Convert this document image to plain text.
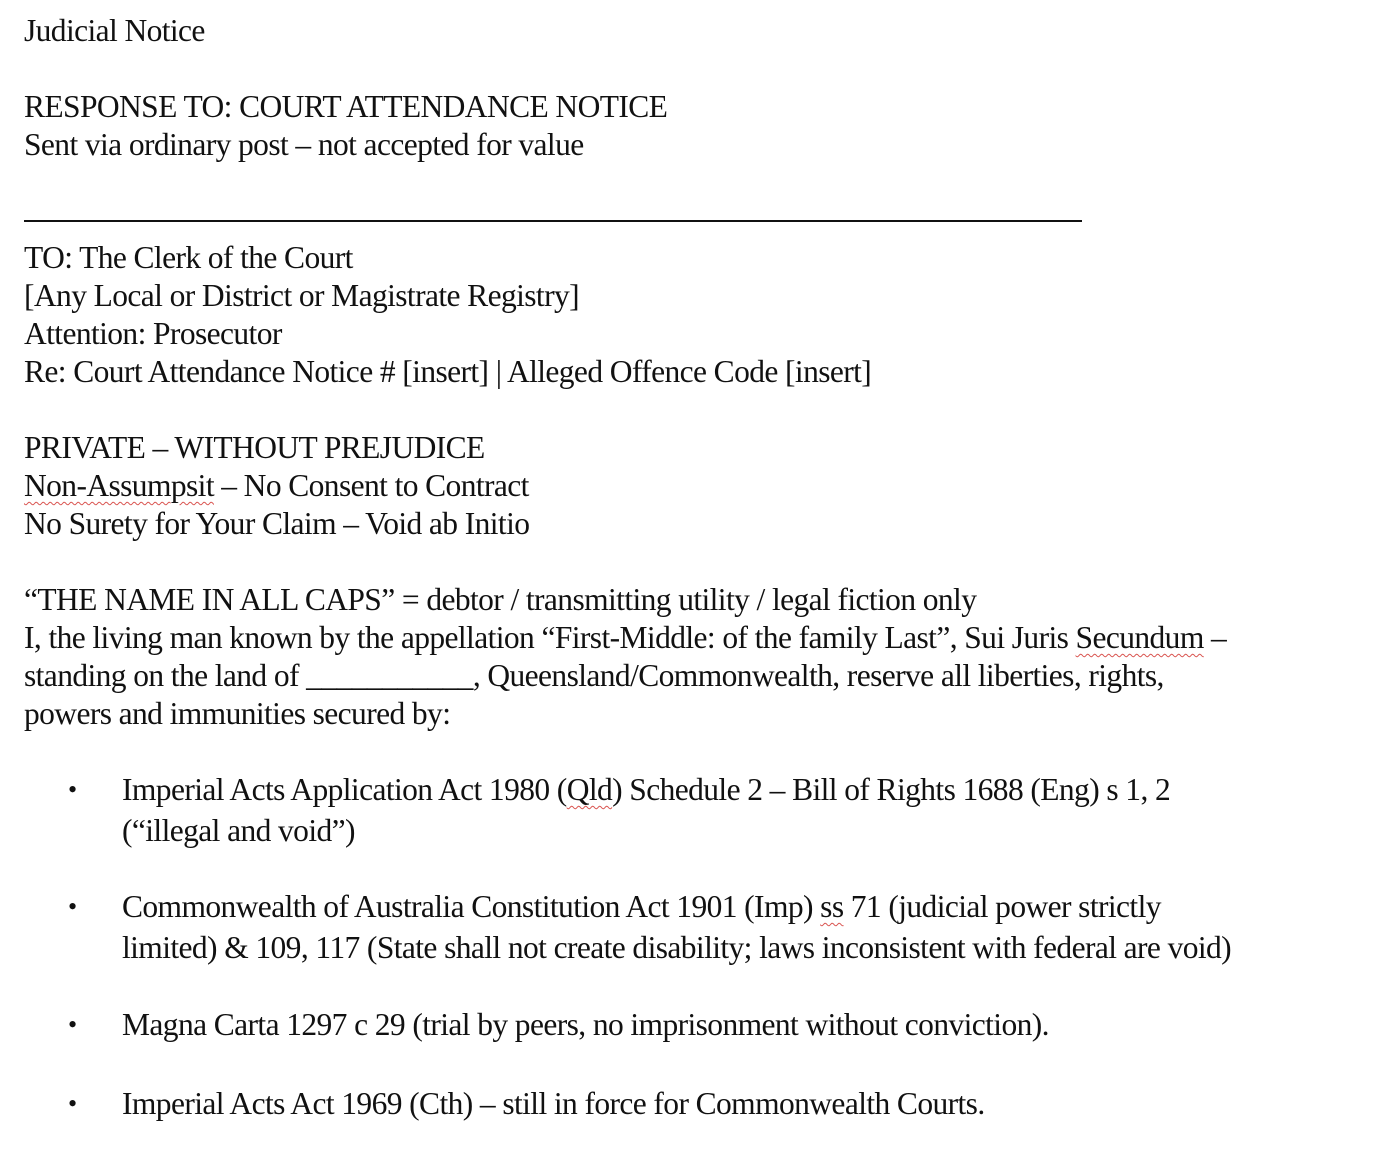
Judicial Notice
RESPONSE TO: COURT ATTENDANCE NOTICE
Sent via ordinary post – not accepted for value
TO: The Clerk of the Court
[Any Local or District or Magistrate Registry]
Attention: Prosecutor
Re: Court Attendance Notice # [insert] | Alleged Offence Code [insert]
PRIVATE – WITHOUT PREJUDICE
Non-Assumpsit – No Consent to Contract
No Surety for Your Claim – Void ab Initio
“THE NAME IN ALL CAPS” = debtor / transmitting utility / legal fiction only
I, the living man known by the appellation “First-Middle: of the family Last”, Sui Juris Secundum –
standing on the land of ___________, Queensland/Commonwealth, reserve all liberties, rights,
powers and immunities secured by:
• Imperial Acts Application Act 1980 (Qld) Schedule 2 – Bill of Rights 1688 (Eng) s 1, 2
(“illegal and void”)
• Commonwealth of Australia Constitution Act 1901 (Imp) ss 71 (judicial power strictly
limited) & 109, 117 (State shall not create disability; laws inconsistent with federal are void)
• Magna Carta 1297 c 29 (trial by peers, no imprisonment without conviction).
• Imperial Acts Act 1969 (Cth) – still in force for Commonwealth Courts.
